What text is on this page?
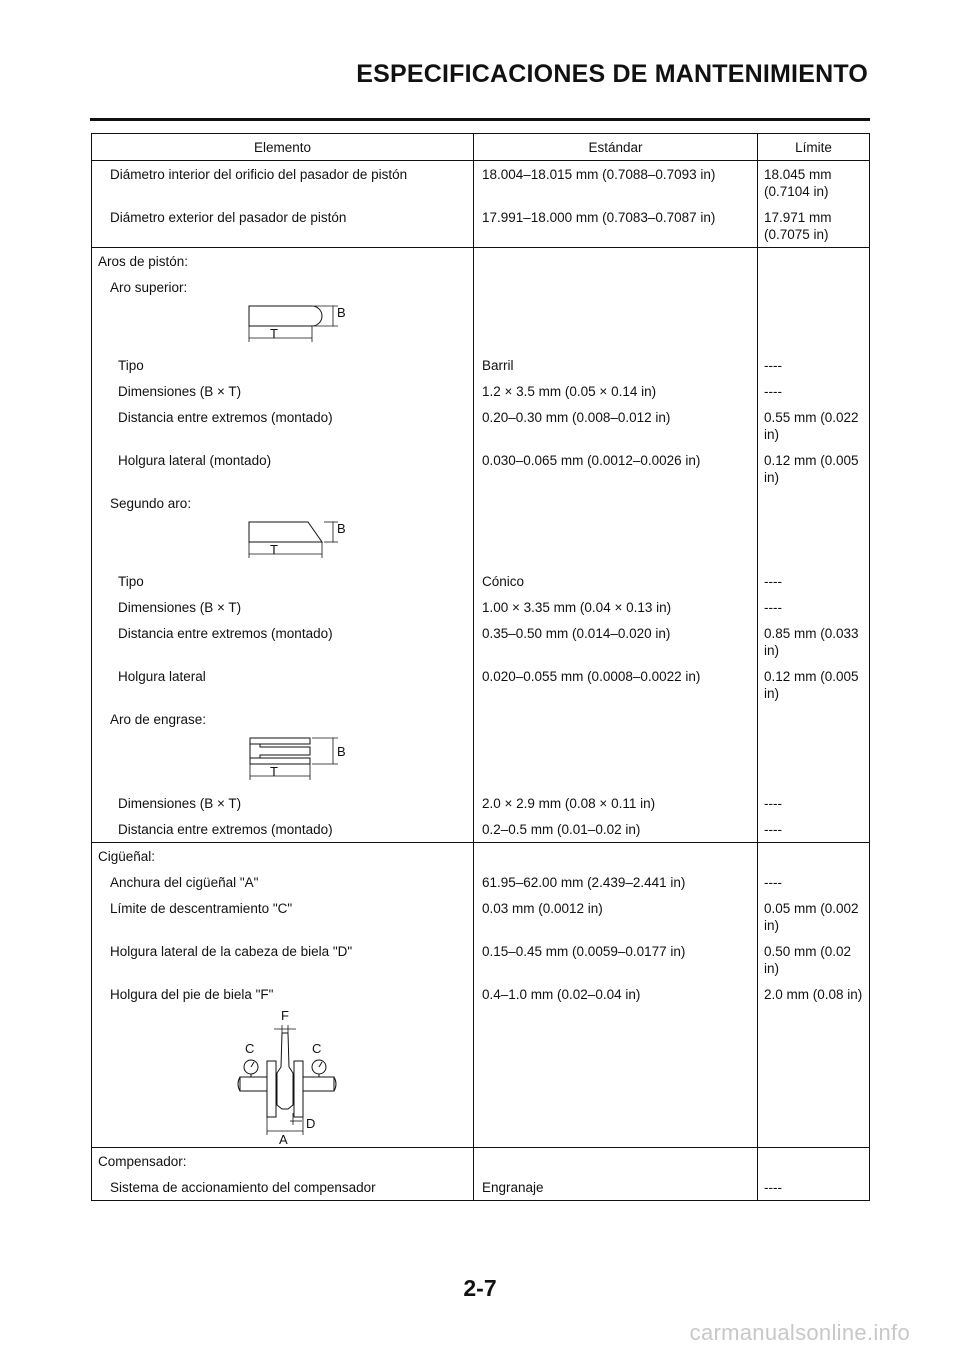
ESPECIFICACIONES DE MANTENIMIENTO
Elemento	Estándar	Límite
Diámetro interior del orificio del pasador de pistón	18.004–18.015 mm (0.7088–0.7093 in)	18.045 mm (0.7104 in)
Diámetro exterior del pasador de pistón	17.991–18.000 mm (0.7083–0.7087 in)	17.971 mm (0.7075 in)
Aros de pistón:
Aro superior:
B
T
Tipo	Barril	----
Dimensiones (B × T)	1.2 × 3.5 mm (0.05 × 0.14 in)	----
Distancia entre extremos (montado)	0.20–0.30 mm (0.008–0.012 in)	0.55 mm (0.022 in)
Holgura lateral (montado)	0.030–0.065 mm (0.0012–0.0026 in)	0.12 mm (0.005 in)
Segundo aro:
B
T
Tipo	Cónico	----
Dimensiones (B × T)	1.00 × 3.35 mm (0.04 × 0.13 in)	----
Distancia entre extremos (montado)	0.35–0.50 mm (0.014–0.020 in)	0.85 mm (0.033 in)
Holgura lateral	0.020–0.055 mm (0.0008–0.0022 in)	0.12 mm (0.005 in)
Aro de engrase:
B
T
Dimensiones (B × T)	2.0 × 2.9 mm (0.08 × 0.11 in)	----
Distancia entre extremos (montado)	0.2–0.5 mm (0.01–0.02 in)	----
Cigüeñal:
Anchura del cigüeñal "A"	61.95–62.00 mm (2.439–2.441 in)	----
Límite de descentramiento "C"	0.03 mm (0.0012 in)	0.05 mm (0.002 in)
Holgura lateral de la cabeza de biela "D"	0.15–0.45 mm (0.0059–0.0177 in)	0.50 mm (0.02 in)
Holgura del pie de biela "F"	0.4–1.0 mm (0.02–0.04 in)	2.0 mm (0.08 in)
F
C	C
D
A
Compensador:
Sistema de accionamiento del compensador	Engranaje	----
2-7
carmanualsonline.info
